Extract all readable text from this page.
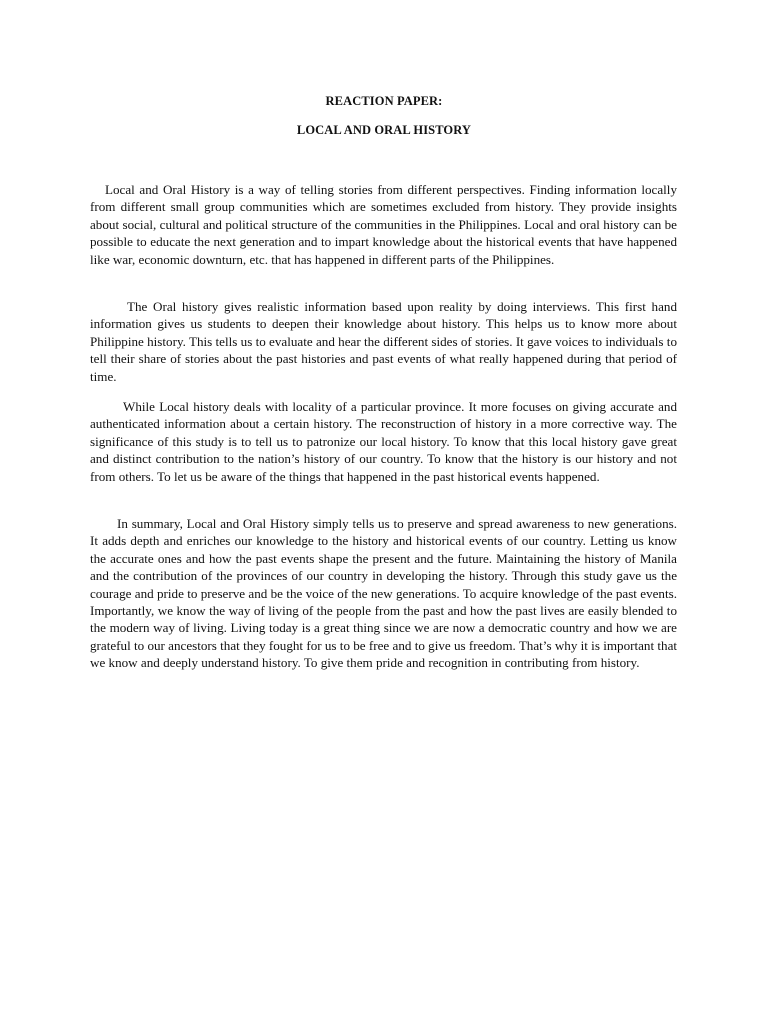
REACTION PAPER:
LOCAL AND ORAL HISTORY

Local and Oral History is a way of telling stories from different perspectives. Finding information locally from different small group communities which are sometimes excluded from history. They provide insights about social, cultural and political structure of the communities in the Philippines. Local and oral history can be possible to educate the next generation and to impart knowledge about the historical events that have happened like war, economic downturn, etc. that has happened in different parts of the Philippines.

The Oral history gives realistic information based upon reality by doing interviews. This first hand information gives us students to deepen their knowledge about history. This helps us to know more about Philippine history. This tells us to evaluate and hear the different sides of stories. It gave voices to individuals to tell their share of stories about the past histories and past events of what really happened during that period of time.

While Local history deals with locality of a particular province. It more focuses on giving accurate and authenticated information about a certain history. The reconstruction of history in a more corrective way. The significance of this study is to tell us to patronize our local history. To know that this local history gave great and distinct contribution to the nation’s history of our country. To know that the history is our history and not from others. To let us be aware of the things that happened in the past historical events happened.

In summary, Local and Oral History simply tells us to preserve and spread awareness to new generations. It adds depth and enriches our knowledge to the history and historical events of our country. Letting us know the accurate ones and how the past events shape the present and the future. Maintaining the history of Manila and the contribution of the provinces of our country in developing the history. Through this study gave us the courage and pride to preserve and be the voice of the new generations. To acquire knowledge of the past events. Importantly, we know the way of living of the people from the past and how the past lives are easily blended to the modern way of living. Living today is a great thing since we are now a democratic country and how we are grateful to our ancestors that they fought for us to be free and to give us freedom. That’s why it is important that we know and deeply understand history. To give them pride and recognition in contributing from history.
